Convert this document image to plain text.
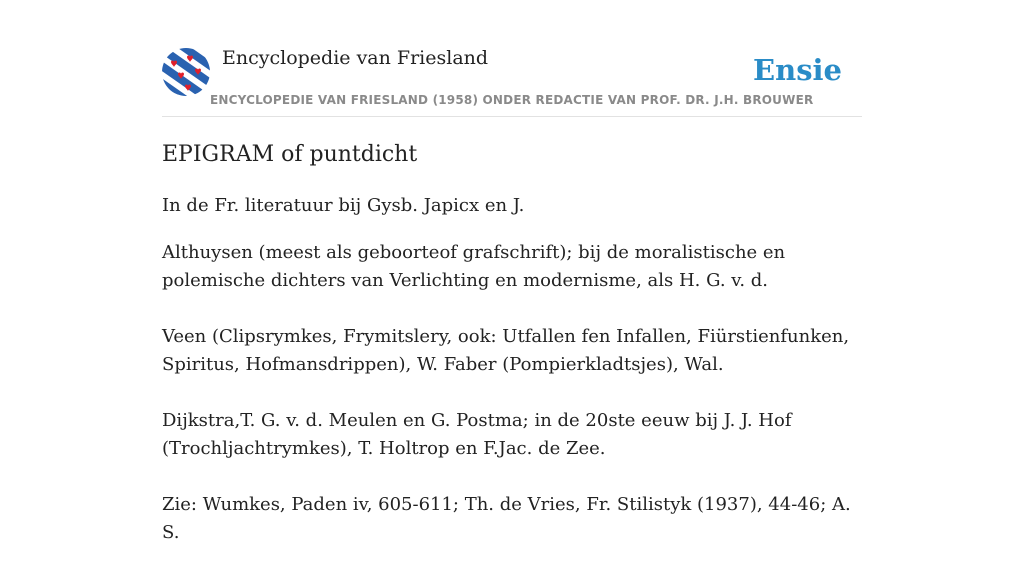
Encyclopedie van Friesland
ENCYCLOPEDIE VAN FRIESLAND (1958) ONDER REDACTIE VAN PROF. DR. J.H. BROUWER
Ensie
EPIGRAM of puntdicht

In de Fr. literatuur bij Gysb. Japicx en J.

Althuysen (meest als geboorteof grafschrift); bij de moralistische en polemische dichters van Verlichting en modernisme, als H. G. v. d.

Veen (Clipsrymkes, Frymitslery, ook: Utfallen fen Infallen, Fiürstienfunken, Spiritus, Hofmansdrippen), W. Faber (Pompierkladtsjes), Wal.

Dijkstra,T. G. v. d. Meulen en G. Postma; in de 20ste eeuw bij J. J. Hof (Trochljachtrymkes), T. Holtrop en F.Jac. de Zee.

Zie: Wumkes, Paden iv, 605-611; Th. de Vries, Fr. Stilistyk (1937), 44-46; A. S.
